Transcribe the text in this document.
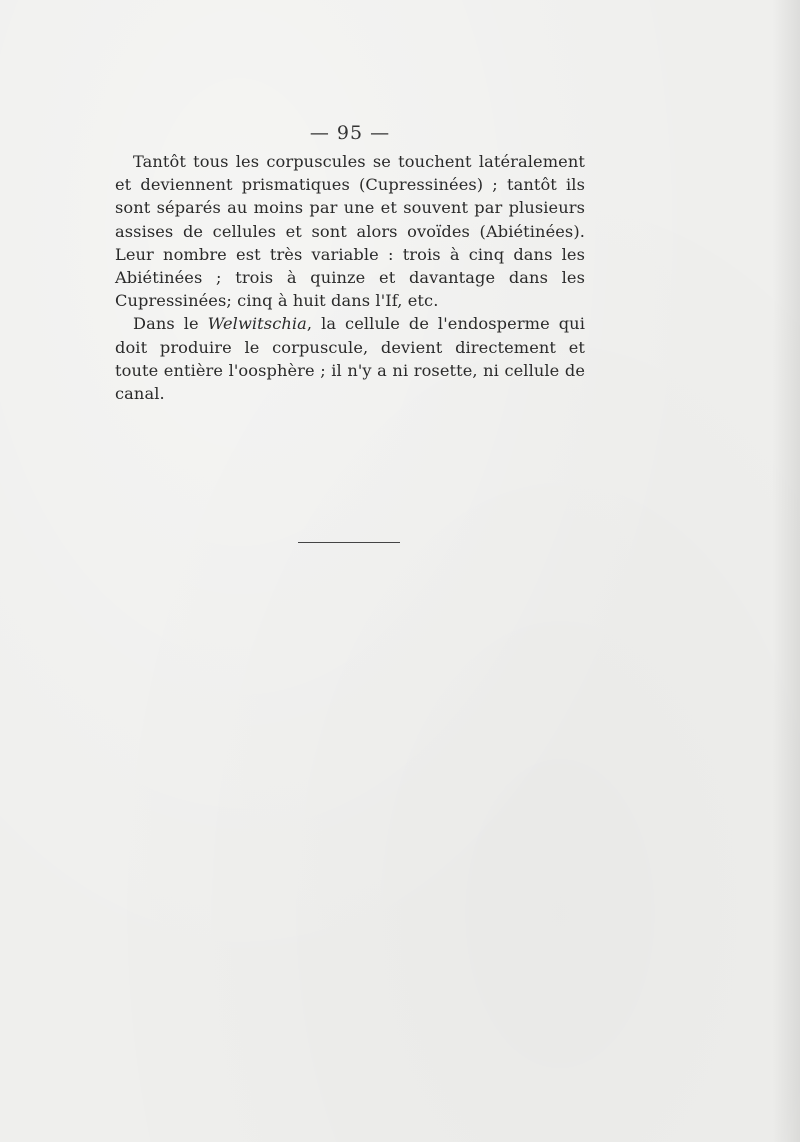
— 95 —

Tantôt tous les corpuscules se touchent latéralement et deviennent prismatiques (Cupressinées) ; tantôt ils sont séparés au moins par une et souvent par plusieurs assises de cellules et sont alors ovoïdes (Abiétinées). Leur nombre est très variable : trois à cinq dans les Abiétinées ; trois à quinze et davantage dans les Cupressinées; cinq à huit dans l'If, etc.

Dans le Welwitschia, la cellule de l'endosperme qui doit produire le corpuscule, devient directement et toute entière l'oosphère ; il n'y a ni rosette, ni cellule de canal.
